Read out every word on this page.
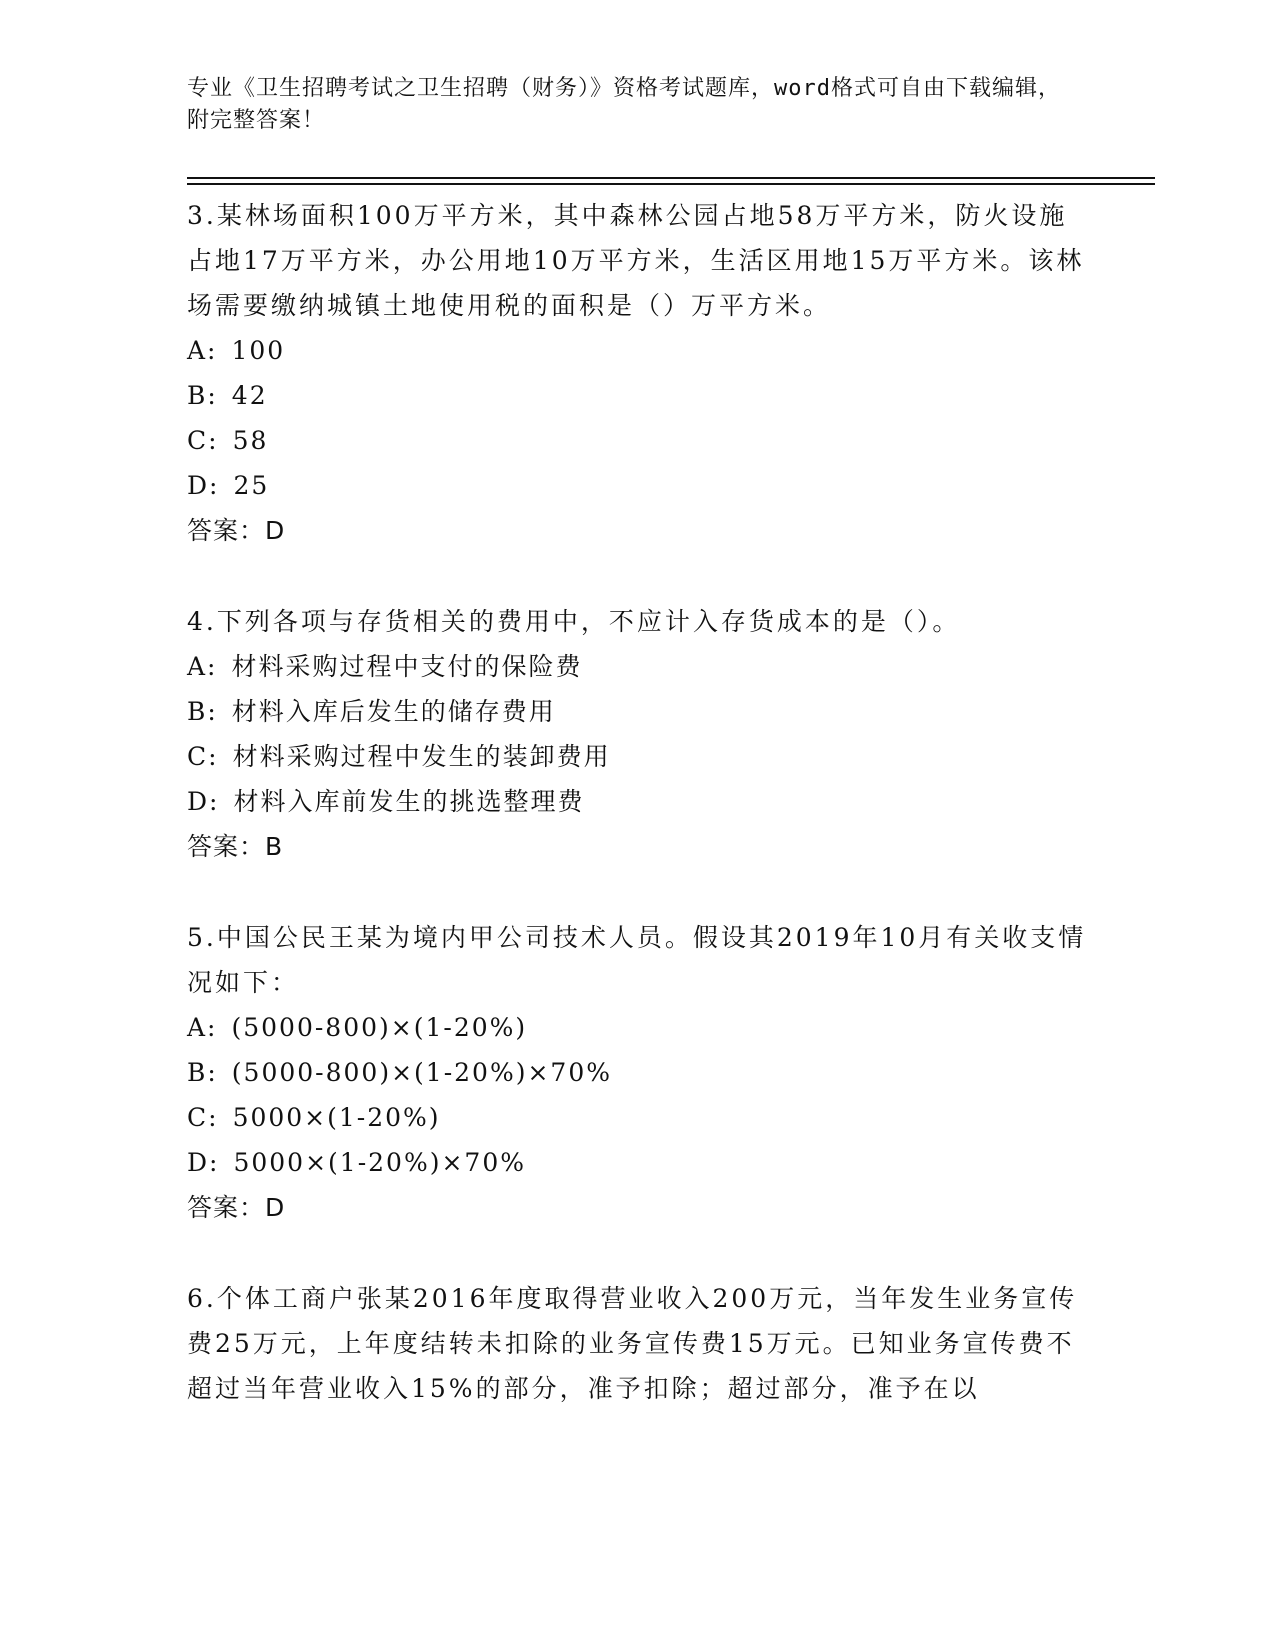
专业《卫生招聘考试之卫生招聘（财务）》资格考试题库，word格式可自由下载编辑，附完整答案！

3.某林场面积100万平方米，其中森林公园占地58万平方米，防火设施占地17万平方米，办公用地10万平方米，生活区用地15万平方米。该林场需要缴纳城镇土地使用税的面积是（）万平方米。

A: 100
B: 42
C: 58
D: 25
答案：D

4.下列各项与存货相关的费用中，不应计入存货成本的是（）。

A: 材料采购过程中支付的保险费
B: 材料入库后发生的储存费用
C: 材料采购过程中发生的装卸费用
D: 材料入库前发生的挑选整理费
答案：B

5.中国公民王某为境内甲公司技术人员。假设其2019年10月有关收支情况如下：

A: (5000-800)×(1-20%)
B: (5000-800)×(1-20%)×70%
C: 5000×(1-20%)
D: 5000×(1-20%)×70%
答案：D

6.个体工商户张某2016年度取得营业收入200万元，当年发生业务宣传费25万元，上年度结转未扣除的业务宣传费15万元。已知业务宣传费不超过当年营业收入15%的部分，准予扣除；超过部分，准予在以
